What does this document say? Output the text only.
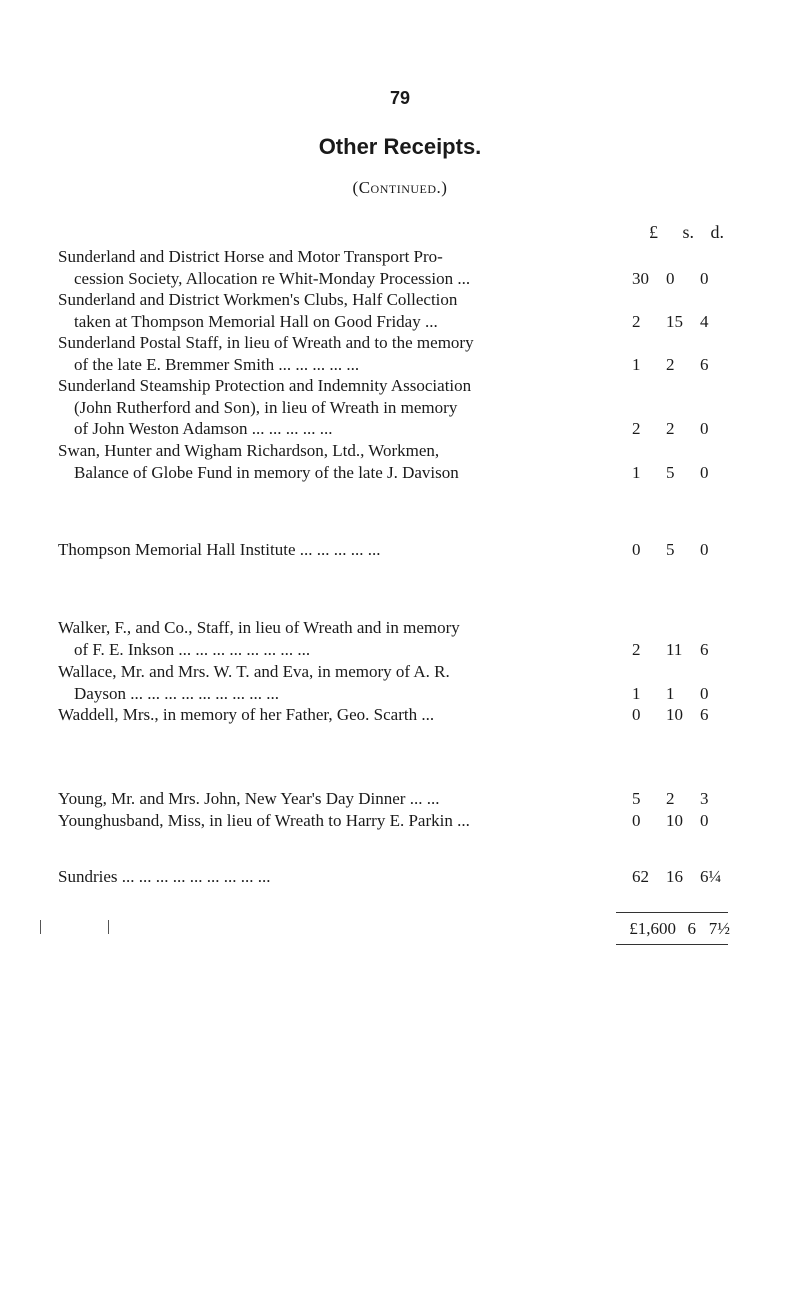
79
Other Receipts.
(Continued.)
£	s. d.
Sunderland and District Horse and Motor Transport Pro-
cession Society, Allocation re Whit-Monday Procession ...	30	0	0
Sunderland and District Workmen's Clubs, Half Collection
taken at Thompson Memorial Hall on Good Friday ...	2	15	4
Sunderland Postal Staff, in lieu of Wreath and to the memory
of the late E. Bremmer Smith ... ... ... ... ...	1	2	6
Sunderland Steamship Protection and Indemnity Association
(John Rutherford and Son), in lieu of Wreath in memory
of John Weston Adamson ... ... ... ... ...	2	2	0
Swan, Hunter and Wigham Richardson, Ltd., Workmen,
Balance of Globe Fund in memory of the late J. Davison	1	5	0
Thompson Memorial Hall Institute ... ... ... ... ...	0	5	0
Walker, F., and Co., Staff, in lieu of Wreath and in memory
of F. E. Inkson ... ... ... ... ... ... ... ...	2	11	6
Wallace, Mr. and Mrs. W. T. and Eva, in memory of A. R.
Dayson ... ... ... ... ... ... ... ... ...	1	1	0
Waddell, Mrs., in memory of her Father, Geo. Scarth ...	0	10	6
Young, Mr. and Mrs. John, New Year's Day Dinner ... ...	5	2	3
Younghusband, Miss, in lieu of Wreath to Harry E. Parkin ...	0	10	0
Sundries ... ... ... ... ... ... ... ... ...	62	16	6¼
£1,600 6 7½
